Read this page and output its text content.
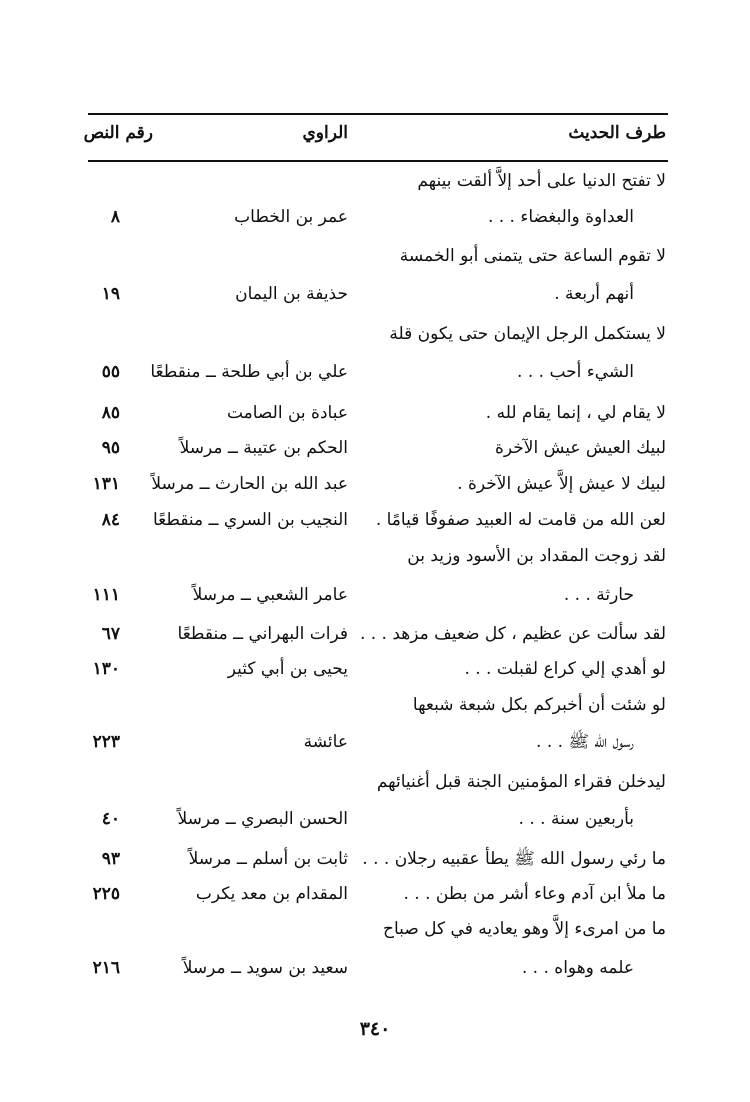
طرف الحديث
الراوي
رقم النص
لا تفتح الدنيا على أحد إلاَّ ألقت بينهم
العداوة والبغضاء . . .
عمر بن الخطاب
٨
لا تقوم الساعة حتى يتمنى أبو الخمسة
أنهم أربعة .
حذيفة بن اليمان
١٩
لا يستكمل الرجل الإيمان حتى يكون قلة
الشيء أحب . . .
علي بن أبي طلحة ــ منقطعًا
٥٥
لا يقام لي ، إنما يقام لله .
عبادة بن الصامت
٨٥
لبيك العيش عيش الآخرة
الحكم بن عتيبة ــ مرسلاً
٩٥
لبيك لا عيش إلاَّ عيش الآخرة .
عبد الله بن الحارث ــ مرسلاً
١٣١
لعن الله من قامت له العبيد صفوفًا قيامًا .
النجيب بن السري ــ منقطعًا
٨٤
لقد زوجت المقداد بن الأسود وزيد بن
حارثة . . .
عامر الشعبي ــ مرسلاً
١١١
لقد سألت عن عظيم ، كل ضعيف مزهد . . .
فرات البهراني ــ منقطعًا
٦٧
لو أهدي إلي كراع لقبلت . . .
يحيى بن أبي كثير
١٣٠
لو شئت أن أخبركم بكل شبعة شبعها
رسول الله ﷺ . . .
عائشة
٢٢٣
ليدخلن فقراء المؤمنين الجنة قبل أغنيائهم
بأربعين سنة . . .
الحسن البصري ــ مرسلاً
٤٠
ما رئي رسول الله ﷺ يطأ عقبيه رجلان . . .
ثابت بن أسلم ــ مرسلاً
٩٣
ما ملأ ابن آدم وعاء أشر من بطن . . .
المقدام بن معد يكرب
٢٢٥
ما من امرىء إلاَّ وهو يعاديه في كل صباح
علمه وهواه . . .
سعيد بن سويد ــ مرسلاً
٢١٦
٣٤٠
